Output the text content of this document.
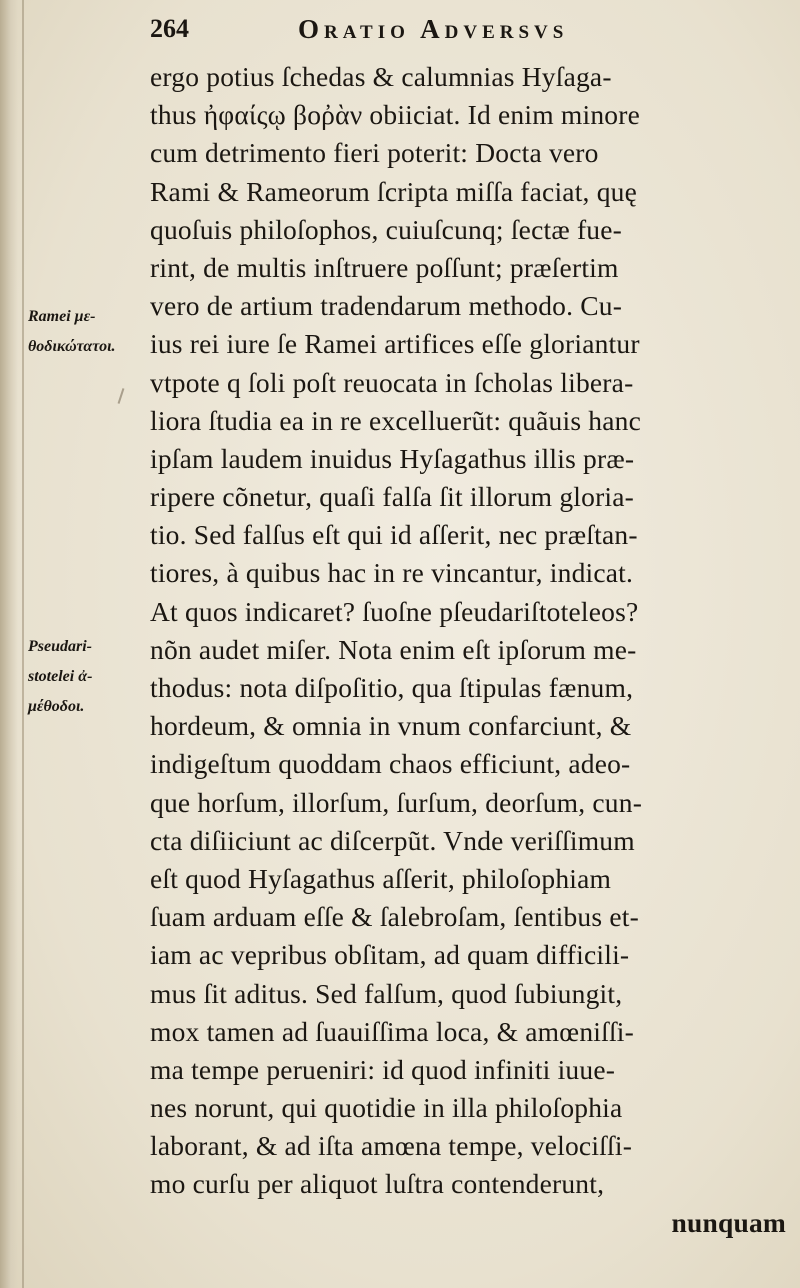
264	Oratio Adversvs
Ramei με-
θοδικώτατοι.
Pseudari-
stotelei ἀ-
μέθοδοι.
ergo potius ſchedas & calumnias Hyſaga-
thus ἠφαίςῳ βοῤὰν obiiciat. Id enim minore
cum detrimento fieri poterit: Docta vero
Rami & Rameorum ſcripta miſſa faciat, quę
quoſuis philoſophos, cuiuſcunq; ſectæ fue-
rint, de multis inſtruere poſſunt; præſertim
vero de artium tradendarum methodo. Cu-
ius rei iure ſe Ramei artifices eſſe gloriantur
vtpote q ſoli poſt reuocata in ſcholas libera-
liora ſtudia ea in re excelluerũt: quãuis hanc
ipſam laudem inuidus Hyſagathus illis præ-
ripere cõnetur, quaſi falſa ſit illorum gloria-
tio. Sed falſus eſt qui id aſſerit, nec præſtan-
tiores, à quibus hac in re vincantur, indicat.
At quos indicaret? ſuoſne pſeudariſtoteleos?
nõn audet miſer. Nota enim eſt ipſorum me-
thodus: nota diſpoſitio, qua ſtipulas fænum,
hordeum, & omnia in vnum confarciunt, &
indigeſtum quoddam chaos efficiunt, adeo-
que horſum, illorſum, ſurſum, deorſum, cun-
cta diſiiciunt ac diſcerpũt. Vnde veriſſimum
eſt quod Hyſagathus aſſerit, philoſophiam
ſuam arduam eſſe & ſalebroſam, ſentibus et-
iam ac vepribus obſitam, ad quam difficili-
mus ſit aditus. Sed falſum, quod ſubiungit,
mox tamen ad ſuauiſſima loca, & amœniſſi-
ma tempe perueniri: id quod infiniti iuue-
nes norunt, qui quotidie in illa philoſophia
laborant, & ad iſta amœna tempe, velociſſi-
mo curſu per aliquot luſtra contenderunt,
nunquam
